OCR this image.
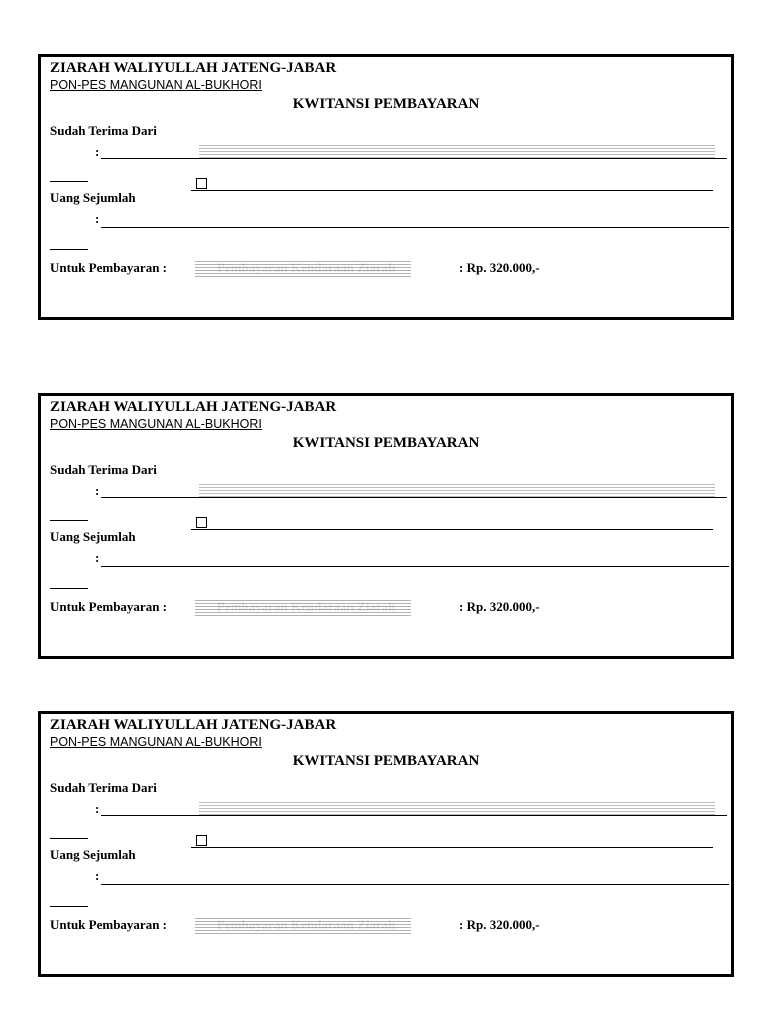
ZIARAH WALIYULLAH JATENG-JABAR
PON-PES MANGUNAN AL-BUKHORI
KWITANSI PEMBAYARAN
Sudah Terima Dari
:
Uang Sejumlah
:
Untuk Pembayaran :	: Rp. 320.000,-
ZIARAH WALIYULLAH JATENG-JABAR
PON-PES MANGUNAN AL-BUKHORI
KWITANSI PEMBAYARAN
Sudah Terima Dari
:
Uang Sejumlah
:
Untuk Pembayaran :	: Rp. 320.000,-
ZIARAH WALIYULLAH JATENG-JABAR
PON-PES MANGUNAN AL-BUKHORI
KWITANSI PEMBAYARAN
Sudah Terima Dari
:
Uang Sejumlah
:
Untuk Pembayaran :	: Rp. 320.000,-
